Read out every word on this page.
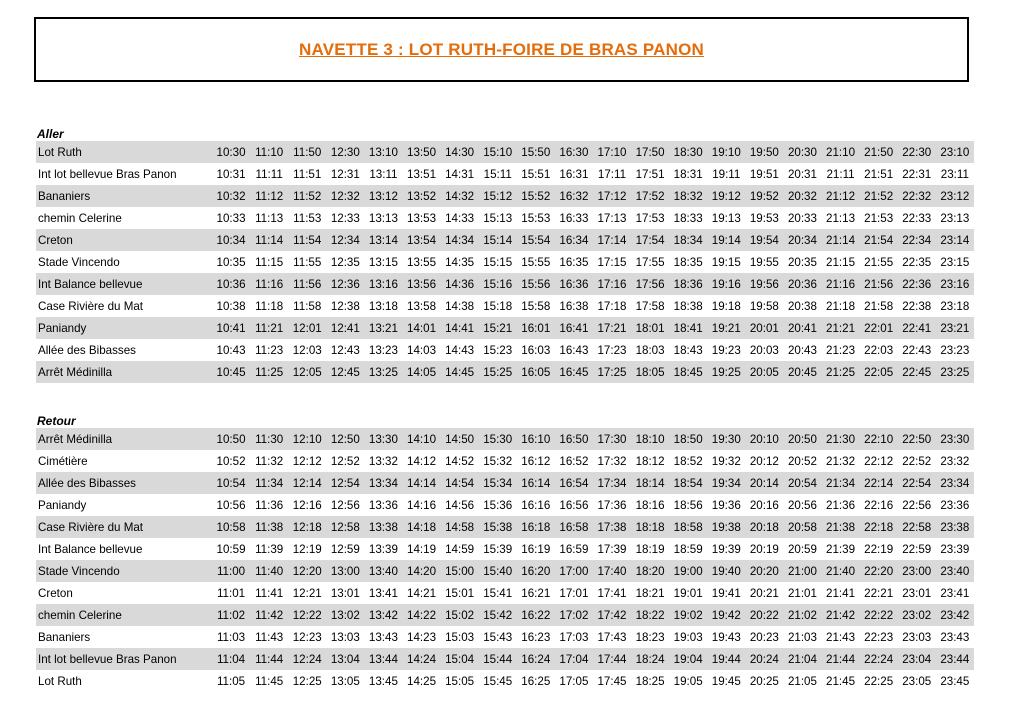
NAVETTE 3 : LOT RUTH-FOIRE DE BRAS PANON
Aller
Lot Ruth	10:30	11:10	11:50	12:30	13:10	13:50	14:30	15:10	15:50	16:30	17:10	17:50	18:30	19:10	19:50	20:30	21:10	21:50	22:30	23:10
Int lot bellevue Bras Panon	10:31	11:11	11:51	12:31	13:11	13:51	14:31	15:11	15:51	16:31	17:11	17:51	18:31	19:11	19:51	20:31	21:11	21:51	22:31	23:11
Bananiers	10:32	11:12	11:52	12:32	13:12	13:52	14:32	15:12	15:52	16:32	17:12	17:52	18:32	19:12	19:52	20:32	21:12	21:52	22:32	23:12
chemin Celerine	10:33	11:13	11:53	12:33	13:13	13:53	14:33	15:13	15:53	16:33	17:13	17:53	18:33	19:13	19:53	20:33	21:13	21:53	22:33	23:13
Creton	10:34	11:14	11:54	12:34	13:14	13:54	14:34	15:14	15:54	16:34	17:14	17:54	18:34	19:14	19:54	20:34	21:14	21:54	22:34	23:14
Stade Vincendo	10:35	11:15	11:55	12:35	13:15	13:55	14:35	15:15	15:55	16:35	17:15	17:55	18:35	19:15	19:55	20:35	21:15	21:55	22:35	23:15
Int Balance bellevue	10:36	11:16	11:56	12:36	13:16	13:56	14:36	15:16	15:56	16:36	17:16	17:56	18:36	19:16	19:56	20:36	21:16	21:56	22:36	23:16
Case Rivière du Mat	10:38	11:18	11:58	12:38	13:18	13:58	14:38	15:18	15:58	16:38	17:18	17:58	18:38	19:18	19:58	20:38	21:18	21:58	22:38	23:18
Paniandy	10:41	11:21	12:01	12:41	13:21	14:01	14:41	15:21	16:01	16:41	17:21	18:01	18:41	19:21	20:01	20:41	21:21	22:01	22:41	23:21
Allée des Bibasses	10:43	11:23	12:03	12:43	13:23	14:03	14:43	15:23	16:03	16:43	17:23	18:03	18:43	19:23	20:03	20:43	21:23	22:03	22:43	23:23
Arrêt Médinilla	10:45	11:25	12:05	12:45	13:25	14:05	14:45	15:25	16:05	16:45	17:25	18:05	18:45	19:25	20:05	20:45	21:25	22:05	22:45	23:25
Retour
Arrêt Médinilla	10:50	11:30	12:10	12:50	13:30	14:10	14:50	15:30	16:10	16:50	17:30	18:10	18:50	19:30	20:10	20:50	21:30	22:10	22:50	23:30
Cimétière	10:52	11:32	12:12	12:52	13:32	14:12	14:52	15:32	16:12	16:52	17:32	18:12	18:52	19:32	20:12	20:52	21:32	22:12	22:52	23:32
Allée des Bibasses	10:54	11:34	12:14	12:54	13:34	14:14	14:54	15:34	16:14	16:54	17:34	18:14	18:54	19:34	20:14	20:54	21:34	22:14	22:54	23:34
Paniandy	10:56	11:36	12:16	12:56	13:36	14:16	14:56	15:36	16:16	16:56	17:36	18:16	18:56	19:36	20:16	20:56	21:36	22:16	22:56	23:36
Case Rivière du Mat	10:58	11:38	12:18	12:58	13:38	14:18	14:58	15:38	16:18	16:58	17:38	18:18	18:58	19:38	20:18	20:58	21:38	22:18	22:58	23:38
Int Balance bellevue	10:59	11:39	12:19	12:59	13:39	14:19	14:59	15:39	16:19	16:59	17:39	18:19	18:59	19:39	20:19	20:59	21:39	22:19	22:59	23:39
Stade Vincendo	11:00	11:40	12:20	13:00	13:40	14:20	15:00	15:40	16:20	17:00	17:40	18:20	19:00	19:40	20:20	21:00	21:40	22:20	23:00	23:40
Creton	11:01	11:41	12:21	13:01	13:41	14:21	15:01	15:41	16:21	17:01	17:41	18:21	19:01	19:41	20:21	21:01	21:41	22:21	23:01	23:41
chemin Celerine	11:02	11:42	12:22	13:02	13:42	14:22	15:02	15:42	16:22	17:02	17:42	18:22	19:02	19:42	20:22	21:02	21:42	22:22	23:02	23:42
Bananiers	11:03	11:43	12:23	13:03	13:43	14:23	15:03	15:43	16:23	17:03	17:43	18:23	19:03	19:43	20:23	21:03	21:43	22:23	23:03	23:43
Int lot bellevue Bras Panon	11:04	11:44	12:24	13:04	13:44	14:24	15:04	15:44	16:24	17:04	17:44	18:24	19:04	19:44	20:24	21:04	21:44	22:24	23:04	23:44
Lot Ruth	11:05	11:45	12:25	13:05	13:45	14:25	15:05	15:45	16:25	17:05	17:45	18:25	19:05	19:45	20:25	21:05	21:45	22:25	23:05	23:45
